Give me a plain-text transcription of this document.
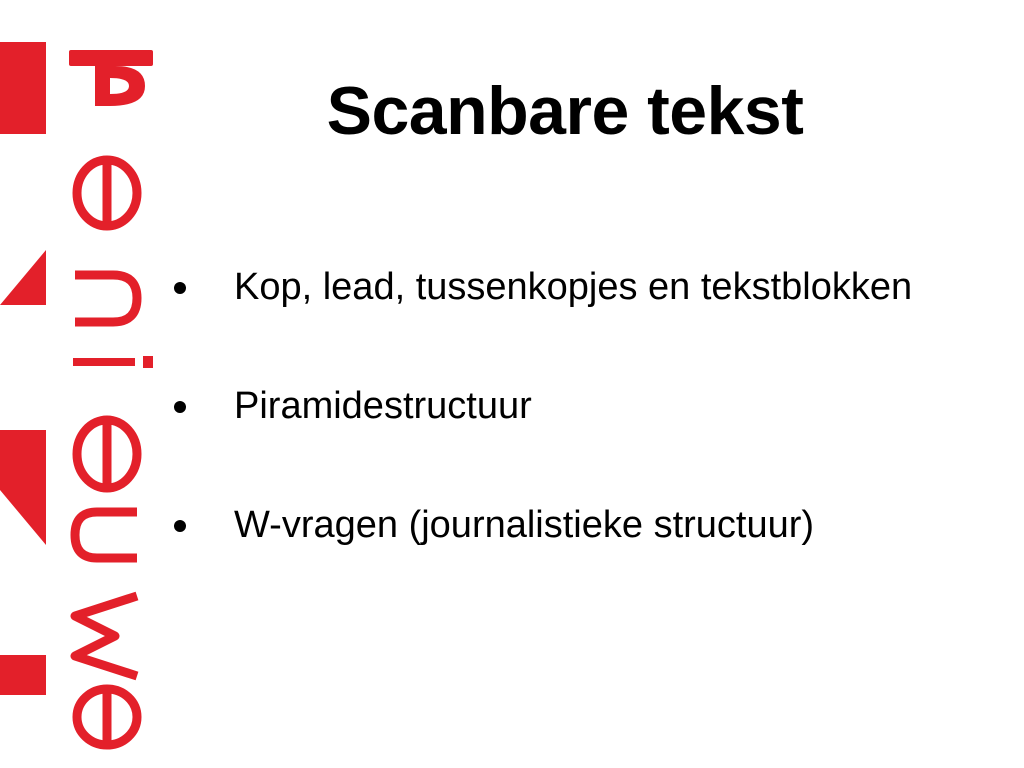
Scanbare tekst
Kop, lead, tussenkopjes en tekstblokken
Piramidestructuur
W-vragen (journalistieke structuur)
